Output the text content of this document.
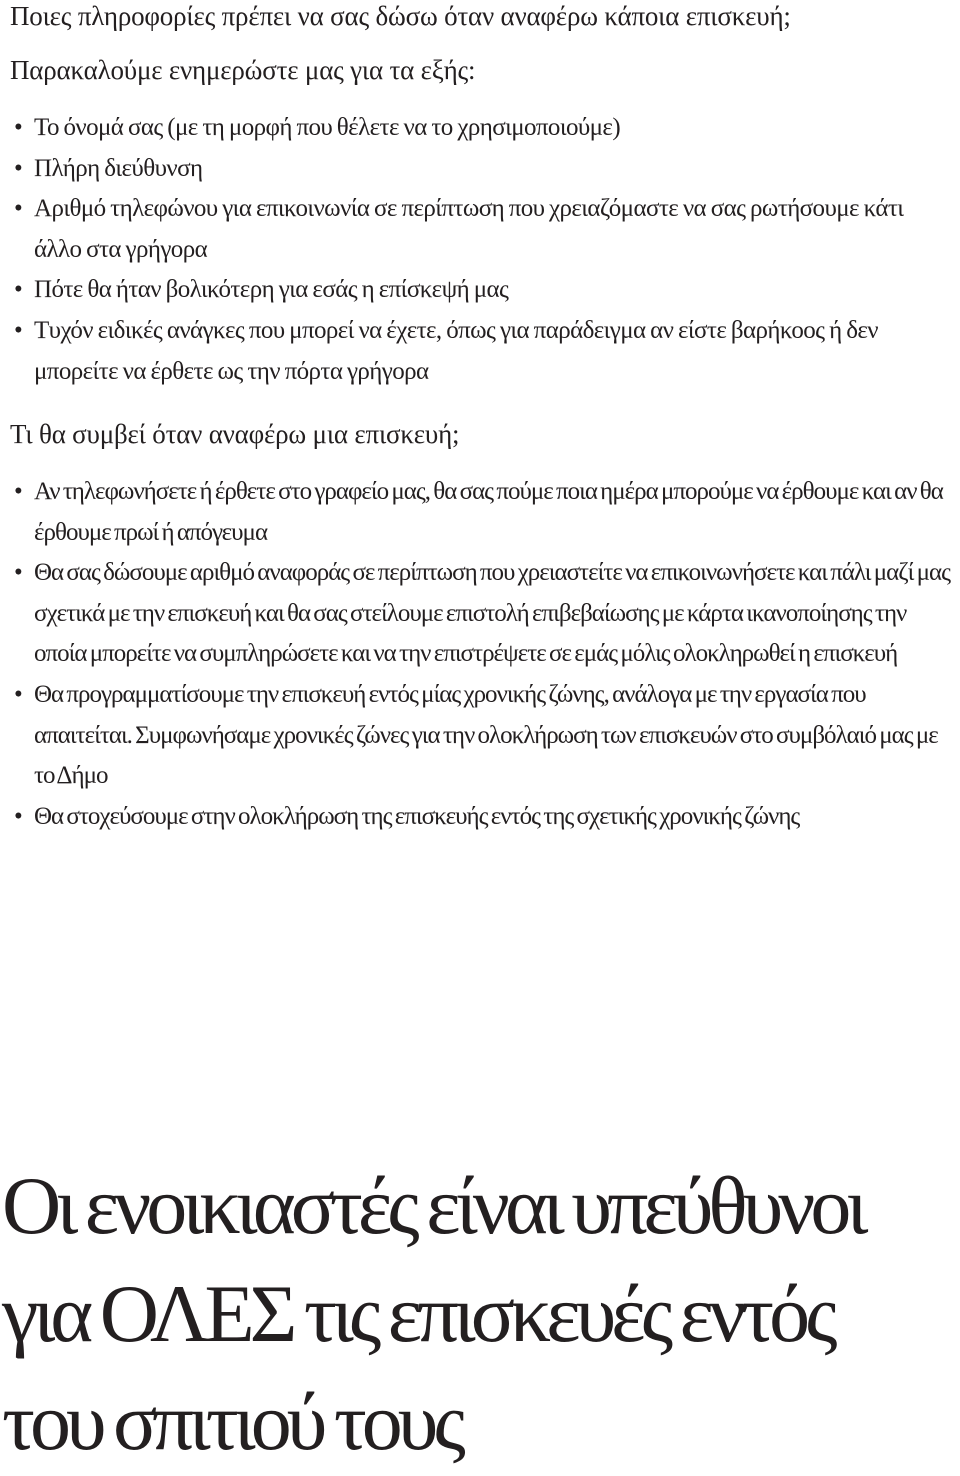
Ποιες πληροφορίες πρέπει να σας δώσω όταν αναφέρω κάποια επισκευή;

Παρακαλούμε ενημερώστε μας για τα εξής:

• Το όνομά σας (με τη μορφή που θέλετε να το χρησιμοποιούμε)
• Πλήρη διεύθυνση
• Αριθμό τηλεφώνου για επικοινωνία σε περίπτωση που χρειαζόμαστε να σας ρωτήσουμε κάτι άλλο στα γρήγορα
• Πότε θα ήταν βολικότερη για εσάς η επίσκεψή μας
• Τυχόν ειδικές ανάγκες που μπορεί να έχετε, όπως για παράδειγμα αν είστε βαρήκοος ή δεν μπορείτε να έρθετε ως την πόρτα γρήγορα
Τι θα συμβεί όταν αναφέρω μια επισκευή;
• Αν τηλεφωνήσετε ή έρθετε στο γραφείο μας, θα σας πούμε ποια ημέρα μπορούμε να έρθουμε και αν θα έρθουμε πρωί ή απόγευμα
• Θα σας δώσουμε αριθμό αναφοράς σε περίπτωση που χρειαστείτε να επικοινωνήσετε και πάλι μαζί μας σχετικά με την επισκευή και θα σας στείλουμε επιστολή επιβεβαίωσης με κάρτα ικανοποίησης την οποία μπορείτε να συμπληρώσετε και να την επιστρέψετε σε εμάς μόλις ολοκληρωθεί η επισκευή
• Θα προγραμματίσουμε την επισκευή εντός μίας χρονικής ζώνης, ανάλογα με την εργασία που απαιτείται. Συμφωνήσαμε χρονικές ζώνες για την ολοκλήρωση των επισκευών στο συμβόλαιό μας με το Δήμο
• Θα στοχεύσουμε στην ολοκλήρωση της επισκευής εντός της σχετικής χρονικής ζώνης
Οι ενοικιαστές είναι υπεύθυνοι
για ΟΛΕΣ τις επισκευές εντός
του σπιτιού τους
